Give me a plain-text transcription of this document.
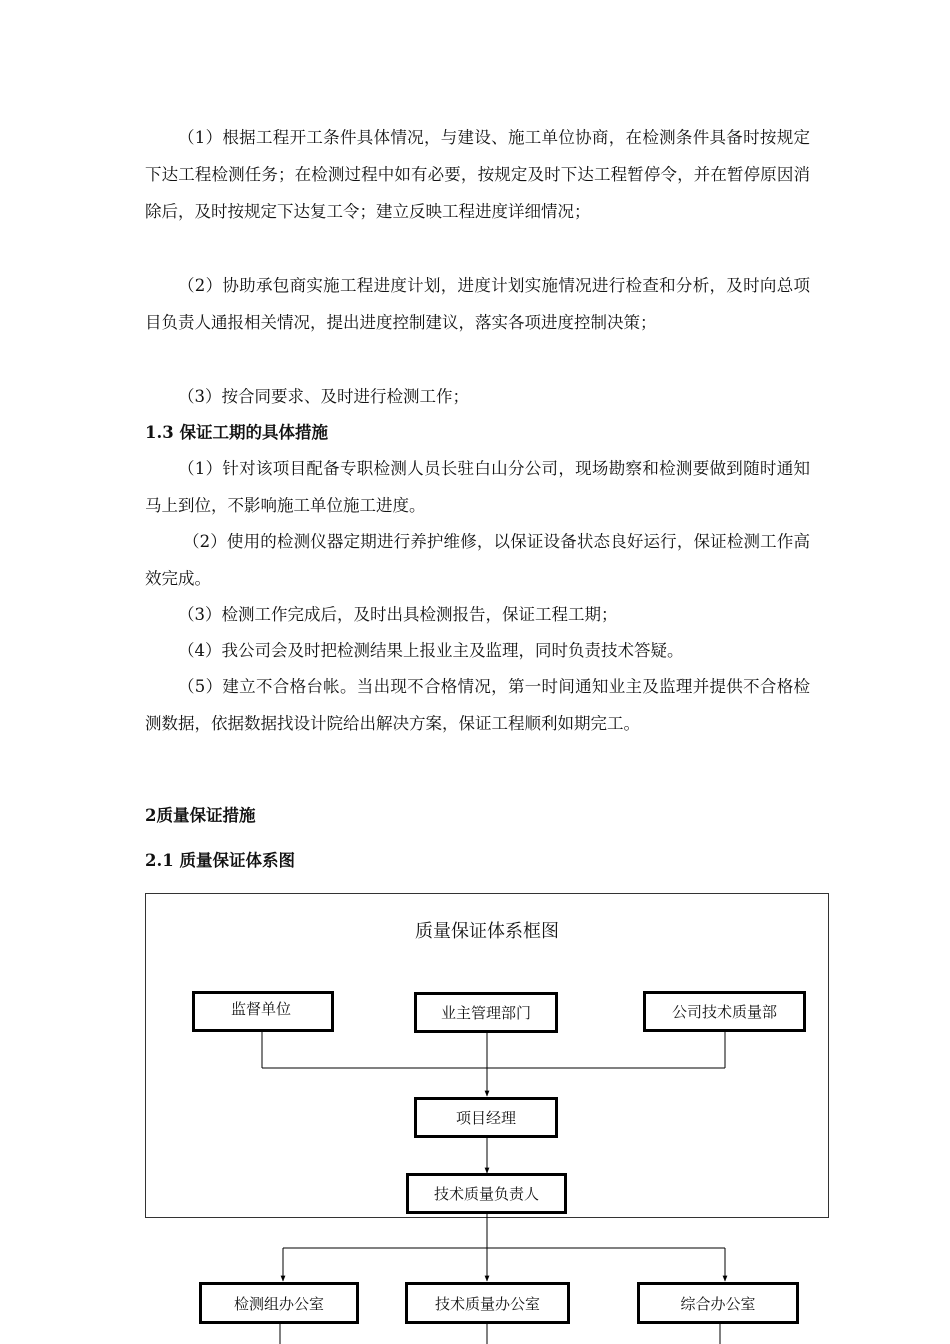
（1）根据工程开工条件具体情况，与建设、施工单位协商，在检测条件具备时按规定下达工程检测任务；在检测过程中如有必要，按规定及时下达工程暂停令，并在暂停原因消除后，及时按规定下达复工令；建立反映工程进度详细情况；

（2）协助承包商实施工程进度计划，进度计划实施情况进行检查和分析，及时向总项目负责人通报相关情况，提出进度控制建议，落实各项进度控制决策；

（3）按合同要求、及时进行检测工作；

1.3 保证工期的具体措施

（1）针对该项目配备专职检测人员长驻白山分公司，现场勘察和检测要做到随时通知马上到位，不影响施工单位施工进度。

（2）使用的检测仪器定期进行养护维修，以保证设备状态良好运行，保证检测工作高效完成。

（3）检测工作完成后，及时出具检测报告，保证工程工期；

（4）我公司会及时把检测结果上报业主及监理，同时负责技术答疑。

（5）建立不合格台帐。当出现不合格情况，第一时间通知业主及监理并提供不合格检测数据，依据数据找设计院给出解决方案，保证工程顺利如期完工。

2质量保证措施
2.1 质量保证体系图
质量保证体系框图
监督单位	业主管理部门	公司技术质量部
项目经理
技术质量负责人
检测组办公室	技术质量办公室	综合办公室
